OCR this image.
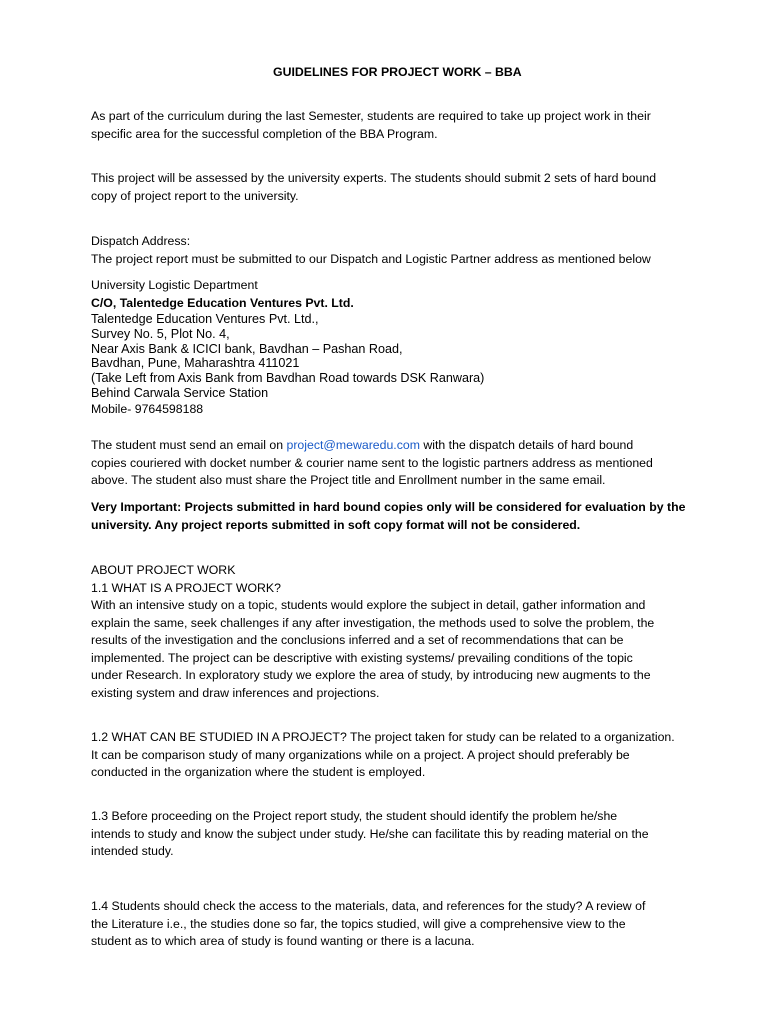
GUIDELINES FOR PROJECT WORK – BBA
As part of the curriculum during the last Semester, students are required to take up project work in their
specific area for the successful completion of the BBA Program.
This project will be assessed by the university experts. The students should submit 2 sets of hard bound
copy of project report to the university.
Dispatch Address:
The project report must be submitted to our Dispatch and Logistic Partner address as mentioned below
University Logistic Department
C/O, Talentedge Education Ventures Pvt. Ltd.
Talentedge Education Ventures Pvt. Ltd.,
Survey No. 5, Plot No. 4,
Near Axis Bank & ICICI bank, Bavdhan – Pashan Road,
Bavdhan, Pune, Maharashtra 411021
(Take Left from Axis Bank from Bavdhan Road towards DSK Ranwara)
Behind Carwala Service Station
Mobile- 9764598188
The student must send an email on project@mewaredu.com with the dispatch details of hard bound
copies couriered with docket number & courier name sent to the logistic partners address as mentioned
above. The student also must share the Project title and Enrollment number in the same email.
Very Important: Projects submitted in hard bound copies only will be considered for evaluation by the
university. Any project reports submitted in soft copy format will not be considered.
ABOUT PROJECT WORK
1.1 WHAT IS A PROJECT WORK?
With an intensive study on a topic, students would explore the subject in detail, gather information and
explain the same, seek challenges if any after investigation, the methods used to solve the problem, the
results of the investigation and the conclusions inferred and a set of recommendations that can be
implemented. The project can be descriptive with existing systems/ prevailing conditions of the topic
under Research. In exploratory study we explore the area of study, by introducing new augments to the
existing system and draw inferences and projections.
1.2 WHAT CAN BE STUDIED IN A PROJECT? The project taken for study can be related to a organization.
It can be comparison study of many organizations while on a project. A project should preferably be
conducted in the organization where the student is employed.
1.3 Before proceeding on the Project report study, the student should identify the problem he/she
intends to study and know the subject under study. He/she can facilitate this by reading material on the
intended study.
1.4 Students should check the access to the materials, data, and references for the study? A review of
the Literature i.e., the studies done so far, the topics studied, will give a comprehensive view to the
student as to which area of study is found wanting or there is a lacuna.
